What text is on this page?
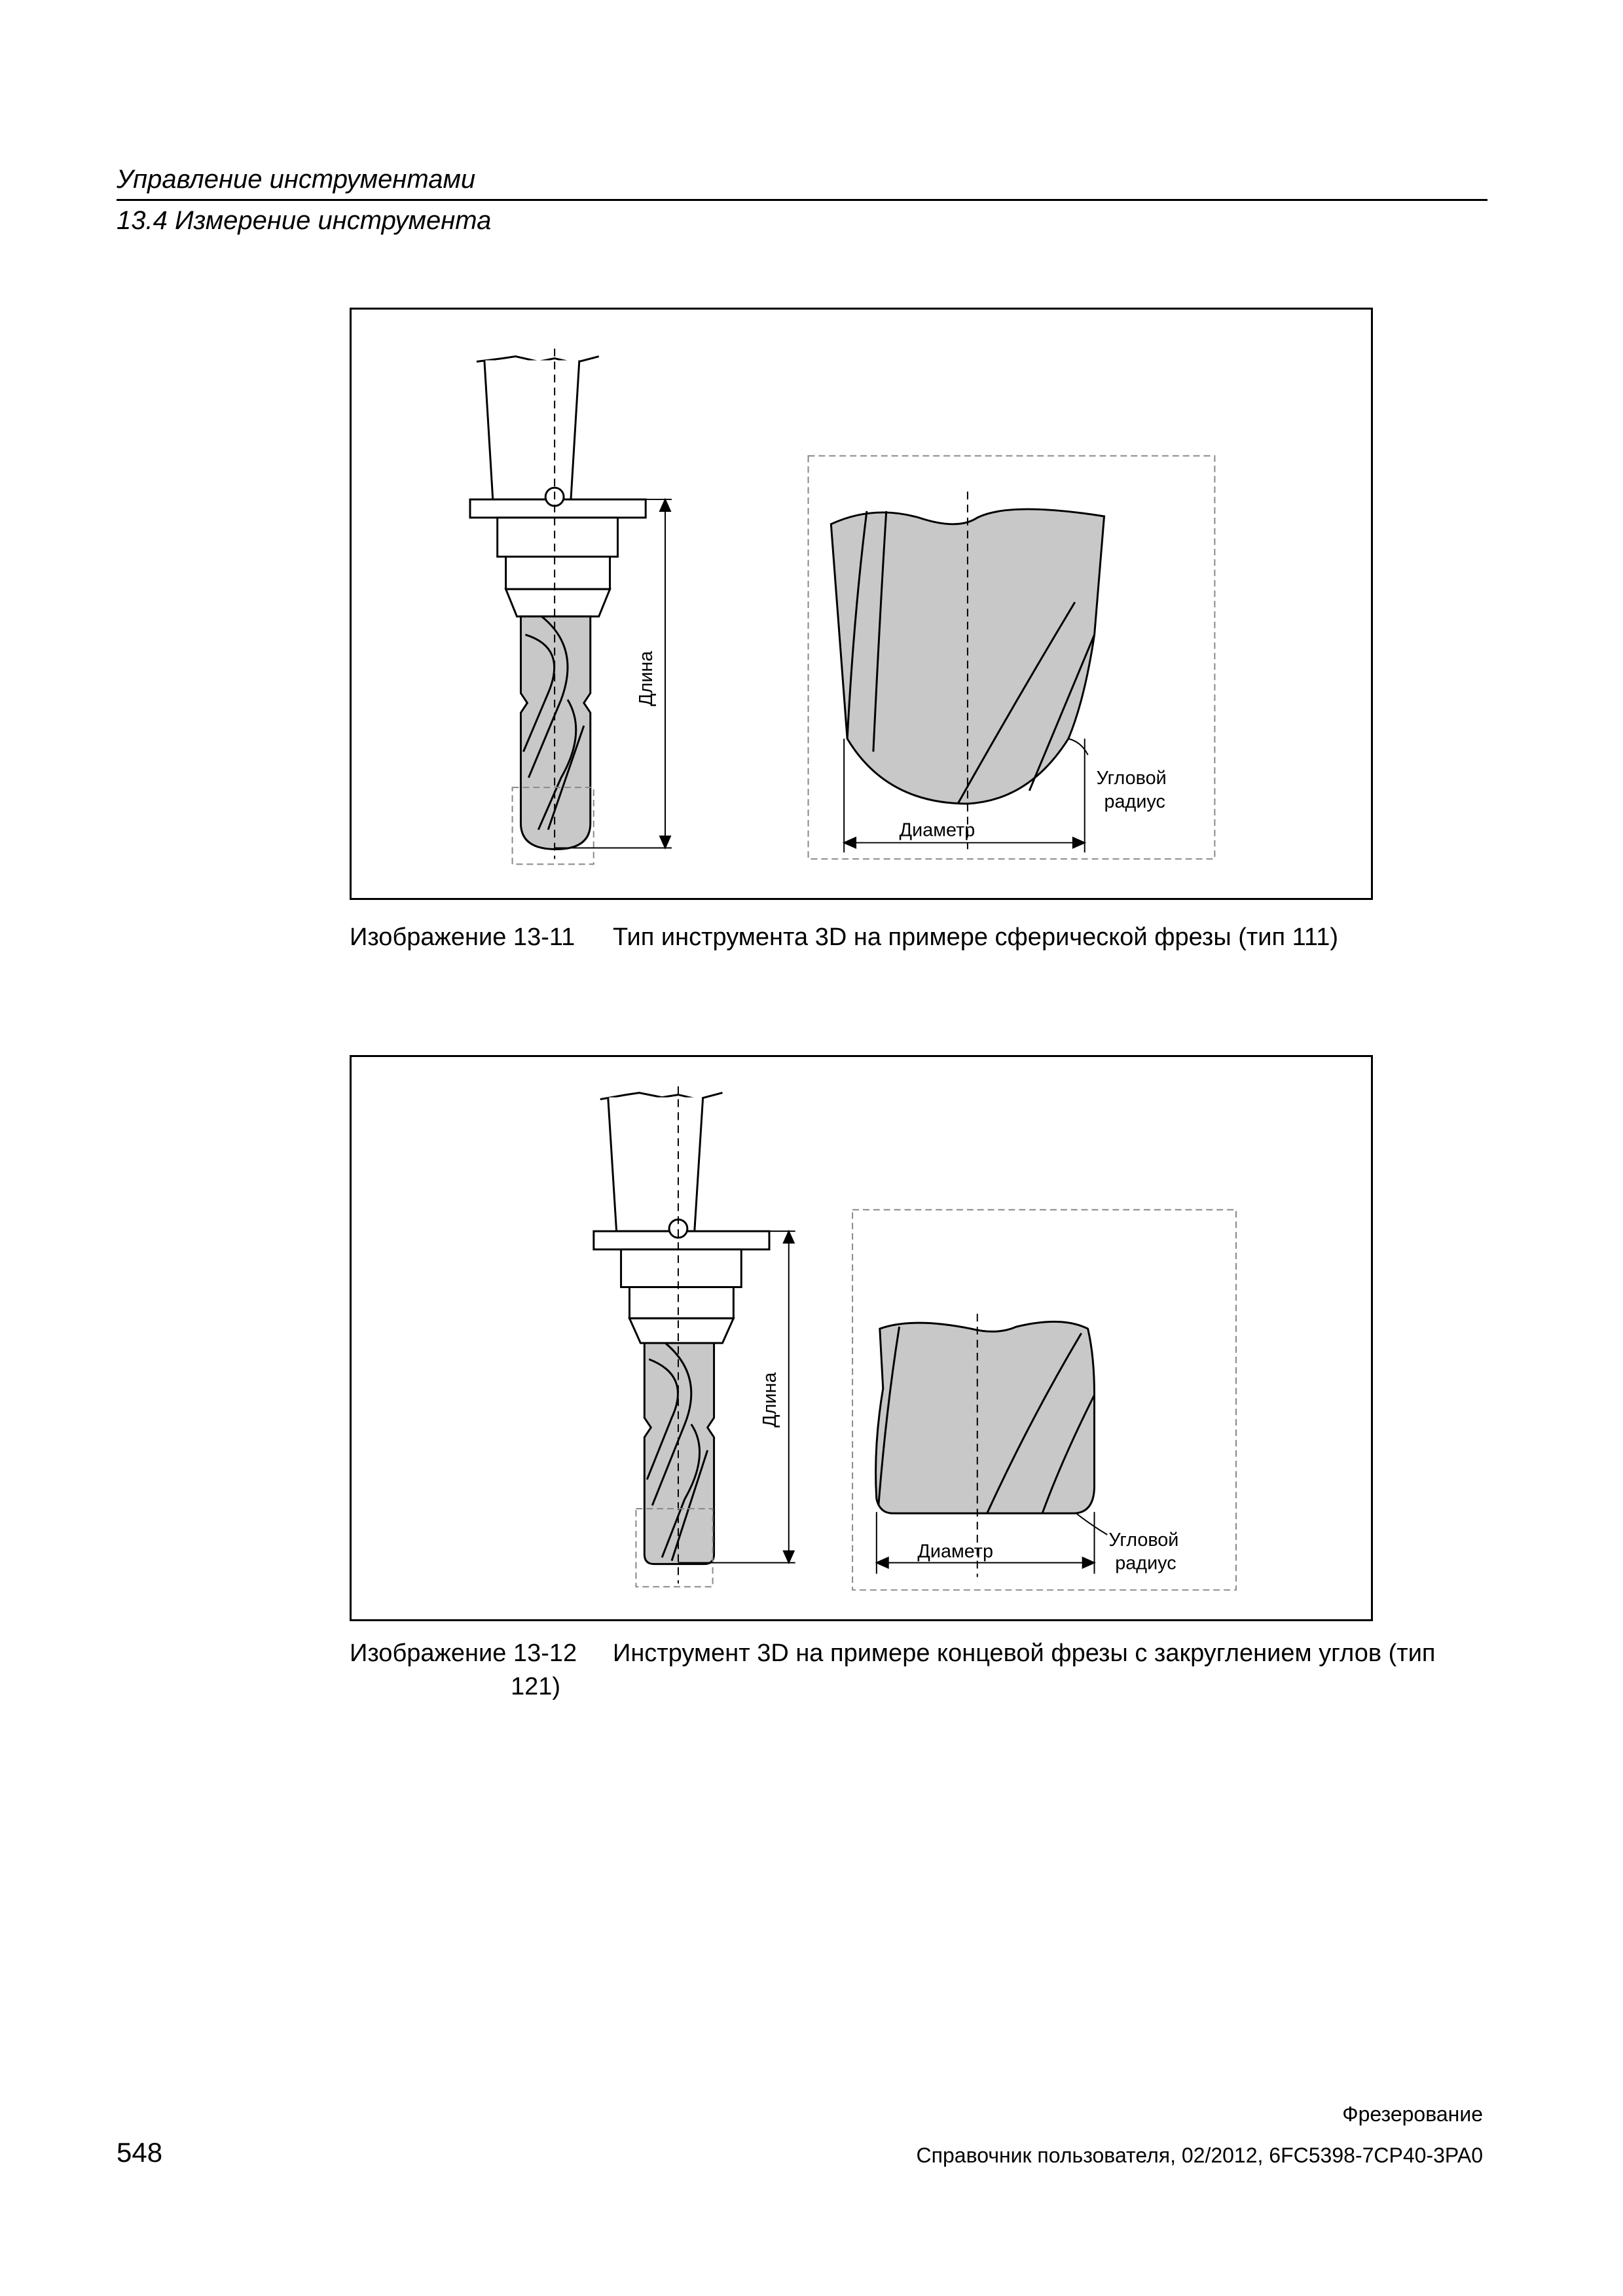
Управление инструментами
13.4 Измерение инструмента
Длина
Диаметр
Угловой
радиус
Изображение 13-11 Тип инструмента 3D на примере сферической фрезы (тип 111)
Длина
Диаметр
Угловой
радиус
Изображение 13-12
121)
Инструмент 3D на примере концевой фрезы с закруглением углов (тип
Фрезерование
Справочник пользователя, 02/2012, 6FC5398-7CP40-3PA0
548
